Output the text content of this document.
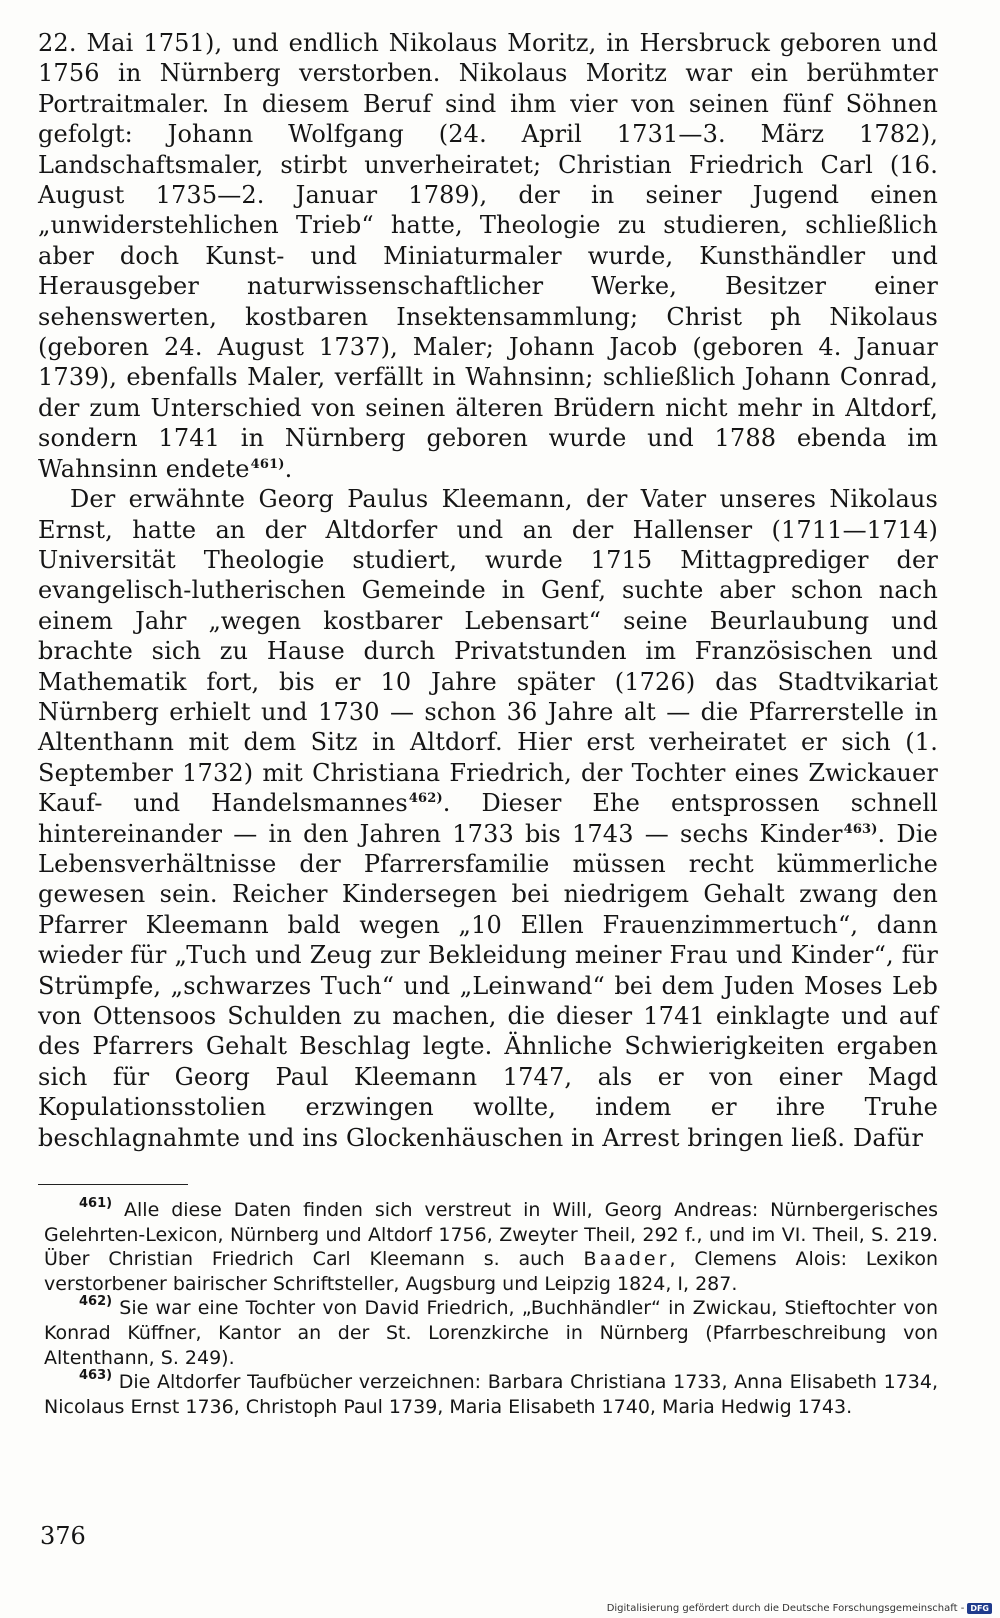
22. Mai 1751), und endlich Nikolaus Moritz, in Hersbruck geboren und 1756 in Nürnberg verstorben. Nikolaus Moritz war ein berühmter Portraitmaler. In diesem Beruf sind ihm vier von seinen fünf Söhnen gefolgt: Johann Wolfgang (24. April 1731—3. März 1782), Landschaftsmaler, stirbt unverheiratet; Christian Friedrich Carl (16. August 1735—2. Januar 1789), der in seiner Jugend einen „unwiderstehlichen Trieb“ hatte, Theologie zu studieren, schließlich aber doch Kunst- und Miniaturmaler wurde, Kunsthändler und Herausgeber naturwissenschaftlicher Werke, Besitzer einer sehenswerten, kostbaren Insektensammlung; Christ ph Nikolaus (geboren 24. August 1737), Maler; Johann Jacob (geboren 4. Januar 1739), ebenfalls Maler, verfällt in Wahnsinn; schließlich Johann Conrad, der zum Unterschied von seinen älteren Brüdern nicht mehr in Altdorf, sondern 1741 in Nürnberg geboren wurde und 1788 ebenda im Wahnsinn endete$^{461)}$.

Der erwähnte Georg Paulus Kleemann, der Vater unseres Nikolaus Ernst, hatte an der Altdorfer und an der Hallenser (1711—1714) Universität Theologie studiert, wurde 1715 Mittagprediger der evangelisch-lutherischen Gemeinde in Genf, suchte aber schon nach einem Jahr „wegen kostbarer Lebensart“ seine Beurlaubung und brachte sich zu Hause durch Privatstunden im Französischen und Mathematik fort, bis er 10 Jahre später (1726) das Stadtvikariat Nürnberg erhielt und 1730 — schon 36 Jahre alt — die Pfarrerstelle in Altenthann mit dem Sitz in Altdorf. Hier erst verheiratet er sich (1. September 1732) mit Christiana Friedrich, der Tochter eines Zwickauer Kauf- und Handelsmannes$^{462)}$. Dieser Ehe entsprossen schnell hintereinander — in den Jahren 1733 bis 1743 — sechs Kinder$^{463)}$. Die Lebensverhältnisse der Pfarrersfamilie müssen recht kümmerliche gewesen sein. Reicher Kindersegen bei niedrigem Gehalt zwang den Pfarrer Kleemann bald wegen „10 Ellen Frauenzimmertuch“, dann wieder für „Tuch und Zeug zur Bekleidung meiner Frau und Kinder“, für Strümpfe, „schwarzes Tuch“ und „Leinwand“ bei dem Juden Moses Leb von Ottensoos Schulden zu machen, die dieser 1741 einklagte und auf des Pfarrers Gehalt Beschlag legte. Ähnliche Schwierigkeiten ergaben sich für Georg Paul Kleemann 1747, als er von einer Magd Kopulationsstolien erzwingen wollte, indem er ihre Truhe beschlagnahmte und ins Glockenhäuschen in Arrest bringen ließ. Dafür

$^{461)}$ Alle diese Daten finden sich verstreut in Will, Georg Andreas: Nürnbergerisches Gelehrten-Lexicon, Nürnberg und Altdorf 1756, Zweyter Theil, 292 f., und im VI. Theil, S. 219. Über Christian Friedrich Carl Kleemann s. auch Baader, Clemens Alois: Lexikon verstorbener bairischer Schriftsteller, Augsburg und Leipzig 1824, I, 287.

$^{462)}$ Sie war eine Tochter von David Friedrich, „Buchhändler“ in Zwickau, Stieftochter von Konrad Küffner, Kantor an der St. Lorenzkirche in Nürnberg (Pfarrbeschreibung von Altenthann, S. 249).

$^{463)}$ Die Altdorfer Taufbücher verzeichnen: Barbara Christiana 1733, Anna Elisabeth 1734, Nicolaus Ernst 1736, Christoph Paul 1739, Maria Elisabeth 1740, Maria Hedwig 1743.

376
Digitalisierung gefördert durch die Deutsche Forschungsgemeinschaft - DFG
